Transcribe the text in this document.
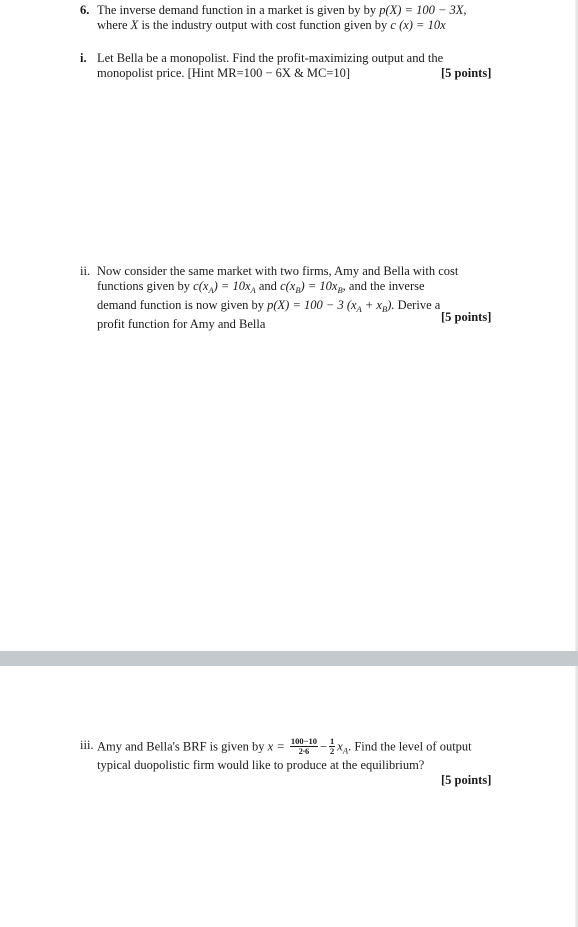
6. The inverse demand function in a market is given by by p(X) = 100 − 3X,
where X is the industry output with cost function given by c (x) = 10x
i. Let Bella be a monopolist. Find the profit-maximizing output and the
monopolist price. [Hint MR=100 − 6X & MC=10]	[5 points]
ii. Now consider the same market with two firms, Amy and Bella with cost
functions given by $c(x_A) = 10x_A$ and $c(x_B) = 10x_B$, and the inverse
demand function is now given by p(X) = 100 − 3 $(x_A + x_B)$. Derive a
profit function for Amy and Bella	[5 points]
iii. Amy and Bella's BRF is given by $x = \frac{100-10}{2\cdot 6} - \frac{1}{2} x_A$. Find the level of output
typical duopolistic firm would like to produce at the equilibrium?
[5 points]
